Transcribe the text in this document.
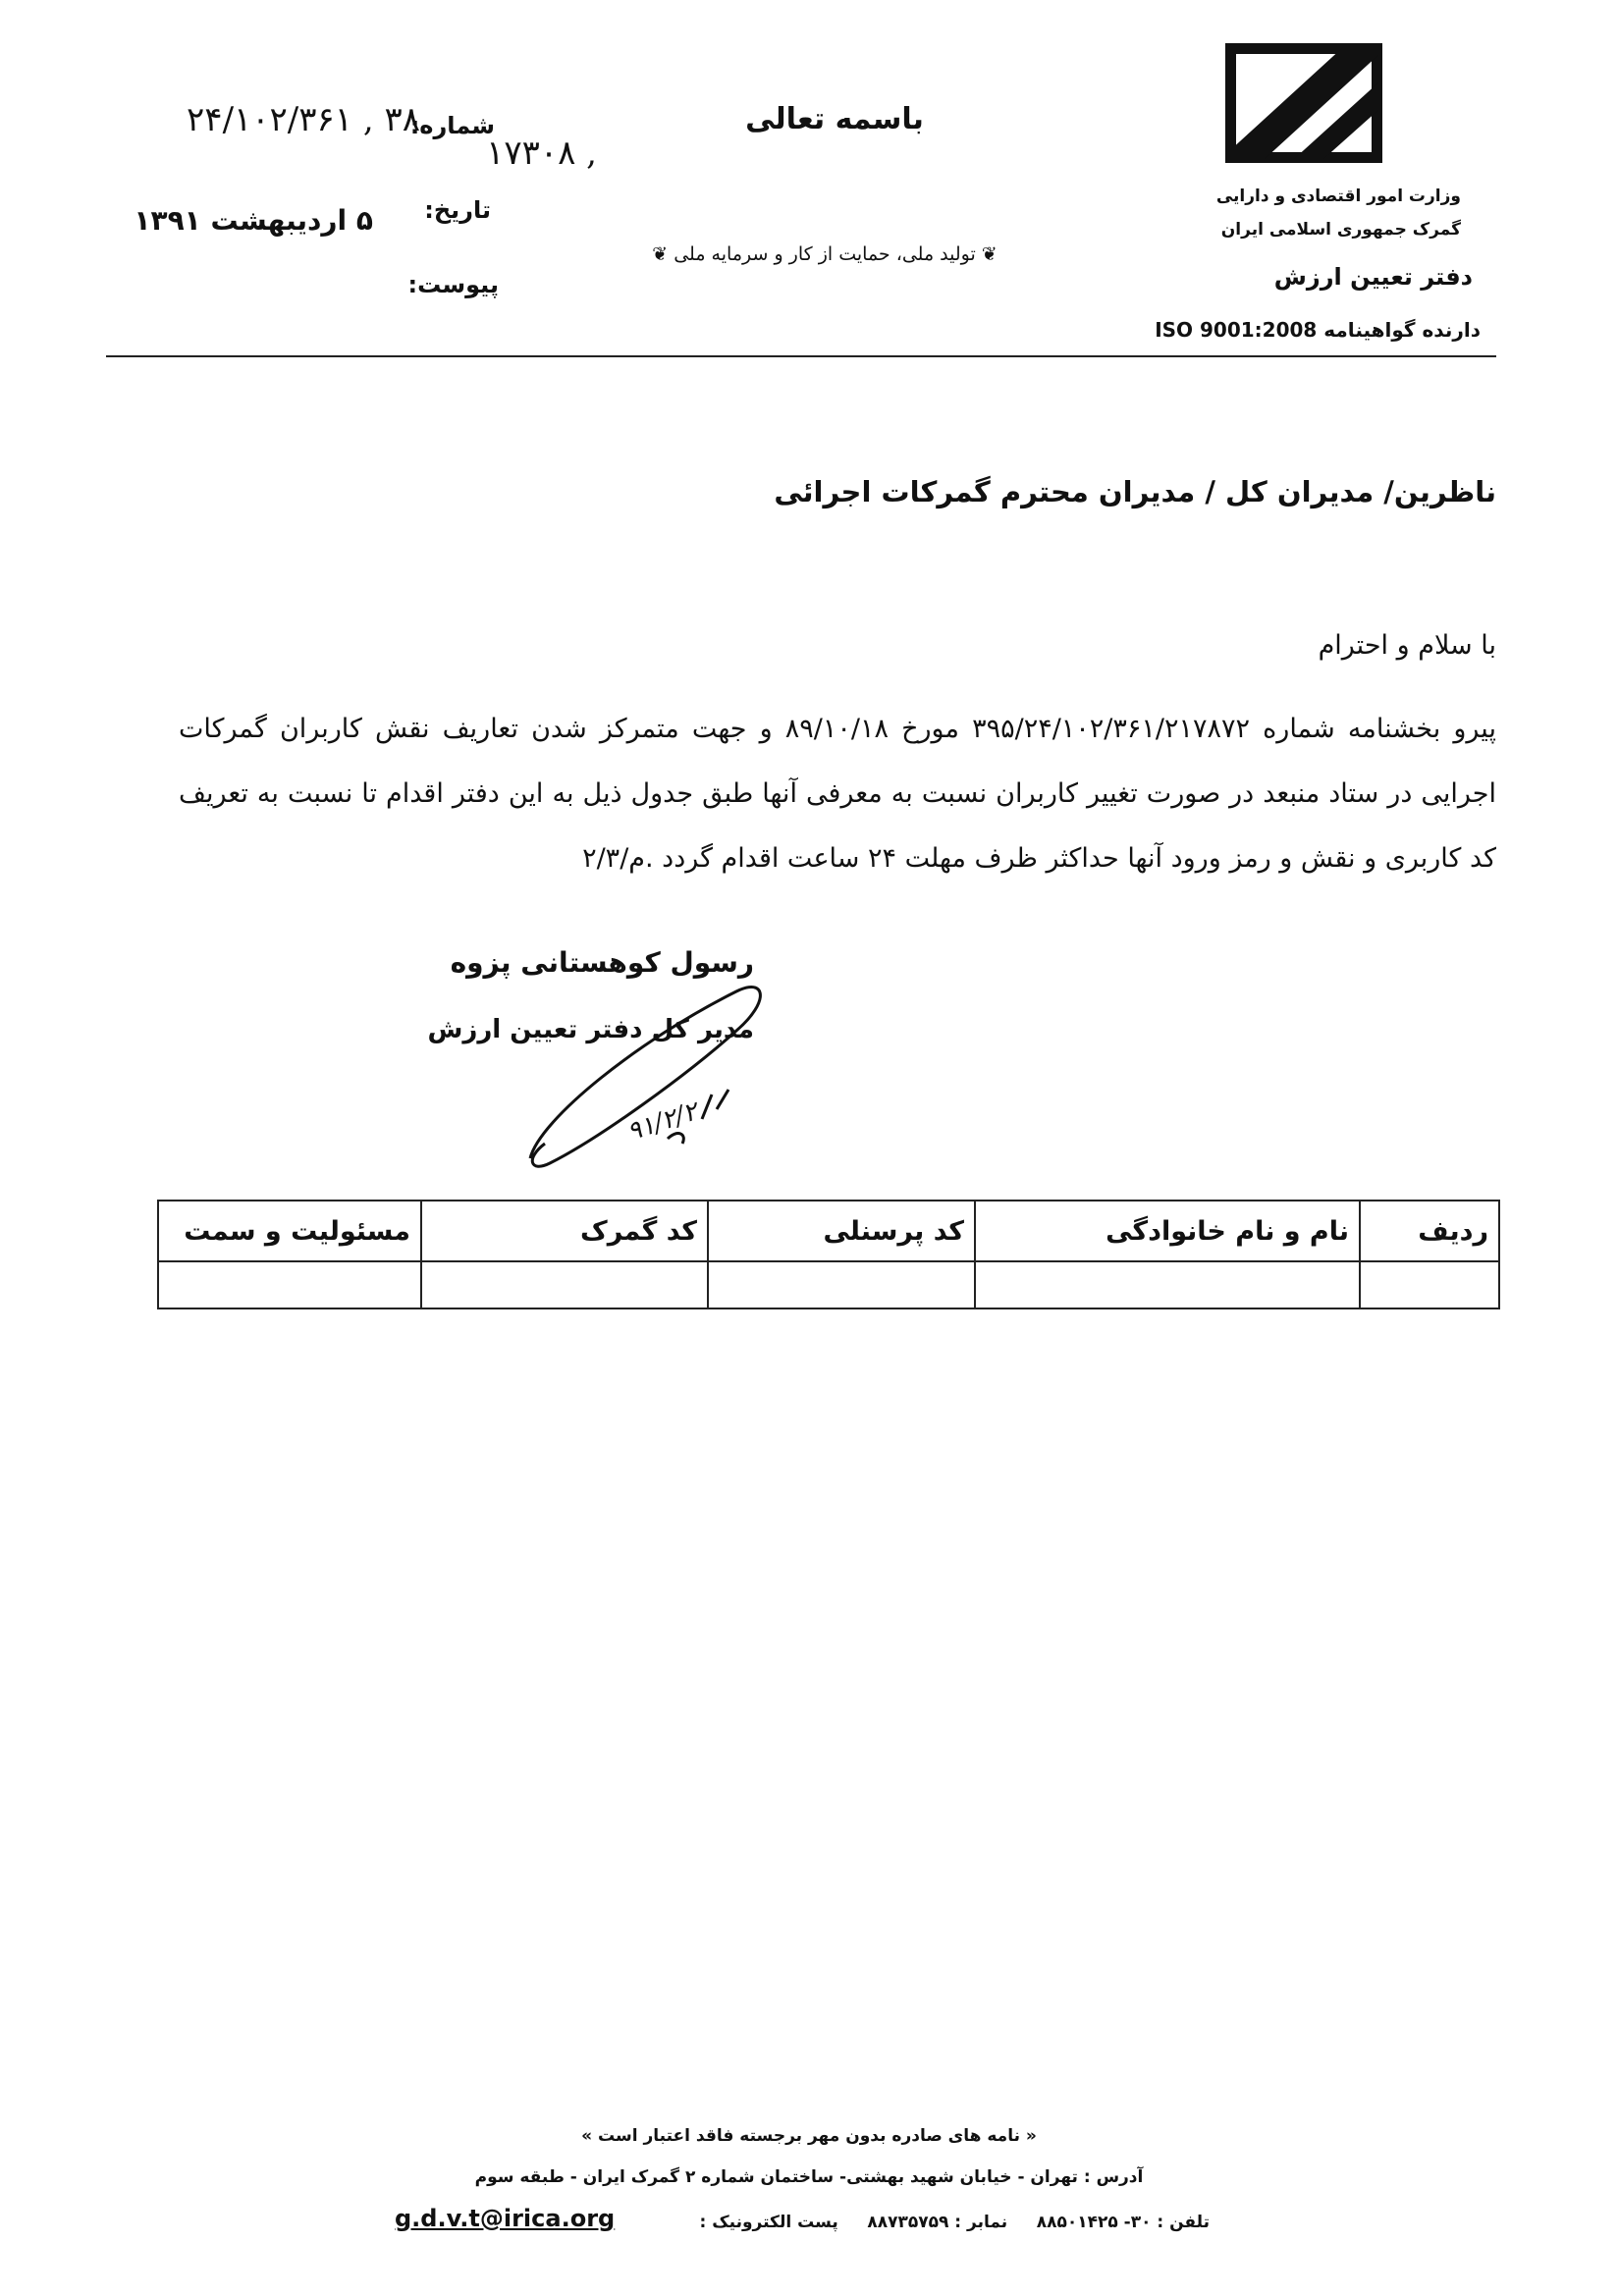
وزارت امور اقتصادی و دارایی
گمرک جمهوری اسلامی ایران
دفتر تعیین ارزش
دارنده گواهینامه ISO 9001:2008
باسمه تعالی
❦ تولید ملی، حمایت از کار و سرمایه ملی ❦
شماره:
۲۴/۱۰۲/۳۶۱ , ۳۸
۱۷۳۰۸ ,
تاریخ:
۵ اردیبهشت ۱۳۹۱
پیوست:
ناظرین/ مدیران کل / مدیران محترم گمرکات اجرائی
با سلام و احترام
پیرو بخشنامه شماره ۳۹۵/۲۴/۱۰۲/۳۶۱/۲۱۷۸۷۲ مورخ ۸۹/۱۰/۱۸ و جهت متمرکز شدن تعاریف نقش کاربران گمرکات اجرایی در ستاد منبعد در صورت تغییر کاربران نسبت به معرفی آنها طبق جدول ذیل به این دفتر اقدام تا نسبت به تعریف کد کاربری و نقش و رمز ورود آنها حداکثر ظرف مهلت ۲۴ ساعت اقدام گردد .م/۲/۳
رسول کوهستانی پزوه
مدیر کل دفتر تعیین ارزش
۹۱/۲/۲
ردیف	نام و نام خانوادگی	کد پرسنلی	کد گمرک	مسئولیت و سمت

« نامه های صادره بدون مهر برجسته فاقد اعتبار است »
آدرس : تهران - خیابان شهید بهشتی- ساختمان شماره ۲ گمرک ایران - طبقه سوم
تلفن : ۳۰- ۸۸۵۰۱۴۲۵     نمابر : ۸۸۷۳۵۷۵۹     پست الکترونیک :
g.d.v.t@irica.org
